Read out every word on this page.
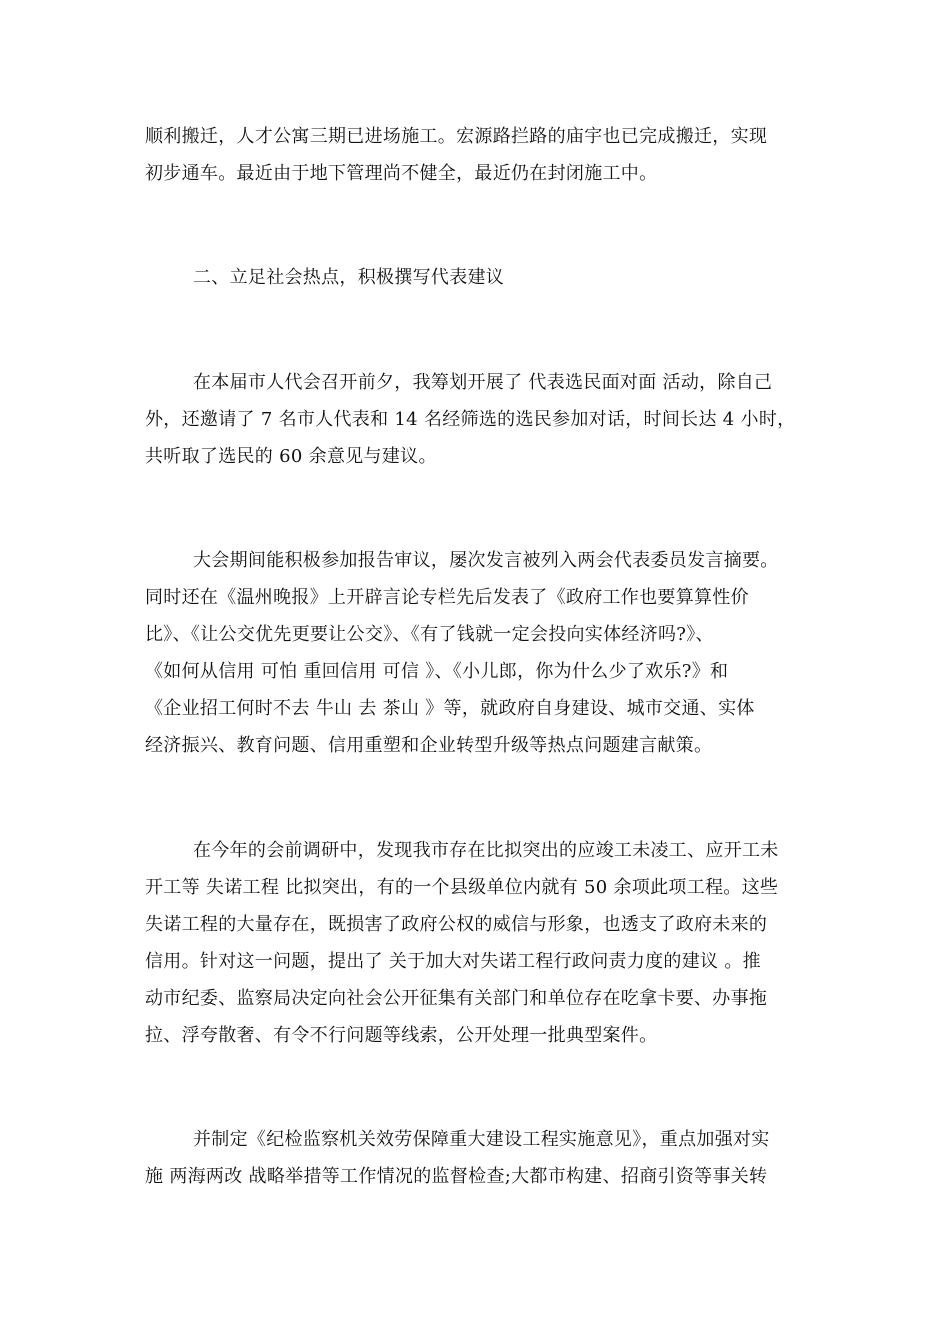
顺利搬迁，人才公寓三期已进场施工。宏源路拦路的庙宇也已完成搬迁，实现
初步通车。最近由于地下管理尚不健全，最近仍在封闭施工中。
二、立足社会热点，积极撰写代表建议
在本届市人代会召开前夕，我筹划开展了 代表选民面对面 活动，除自己
外，还邀请了 7 名市人代表和 14 名经筛选的选民参加对话，时间长达 4 小时，
共听取了选民的 60 余意见与建议。
大会期间能积极参加报告审议，屡次发言被列入两会代表委员发言摘要。
同时还在《温州晚报》上开辟言论专栏先后发表了《政府工作也要算算性价
比》、《让公交优先更要让公交》、《有了钱就一定会投向实体经济吗?》、
《如何从信用 可怕 重回信用 可信 》、《小儿郎，你为什么少了欢乐?》和
《企业招工何时不去 牛山 去 茶山 》等，就政府自身建设、城市交通、实体
经济振兴、教育问题、信用重塑和企业转型升级等热点问题建言献策。
在今年的会前调研中，发现我市存在比拟突出的应竣工未凌工、应开工未
开工等 失诺工程 比拟突出，有的一个县级单位内就有 50 余项此项工程。这些
失诺工程的大量存在，既损害了政府公权的威信与形象，也透支了政府未来的
信用。针对这一问题，提出了 关于加大对失诺工程行政问责力度的建议 。推
动市纪委、监察局决定向社会公开征集有关部门和单位存在吃拿卡要、办事拖
拉、浮夸散奢、有令不行问题等线索，公开处理一批典型案件。
并制定《纪检监察机关效劳保障重大建设工程实施意见》，重点加强对实
施 两海两改 战略举措等工作情况的监督检查;大都市构建、招商引资等事关转
